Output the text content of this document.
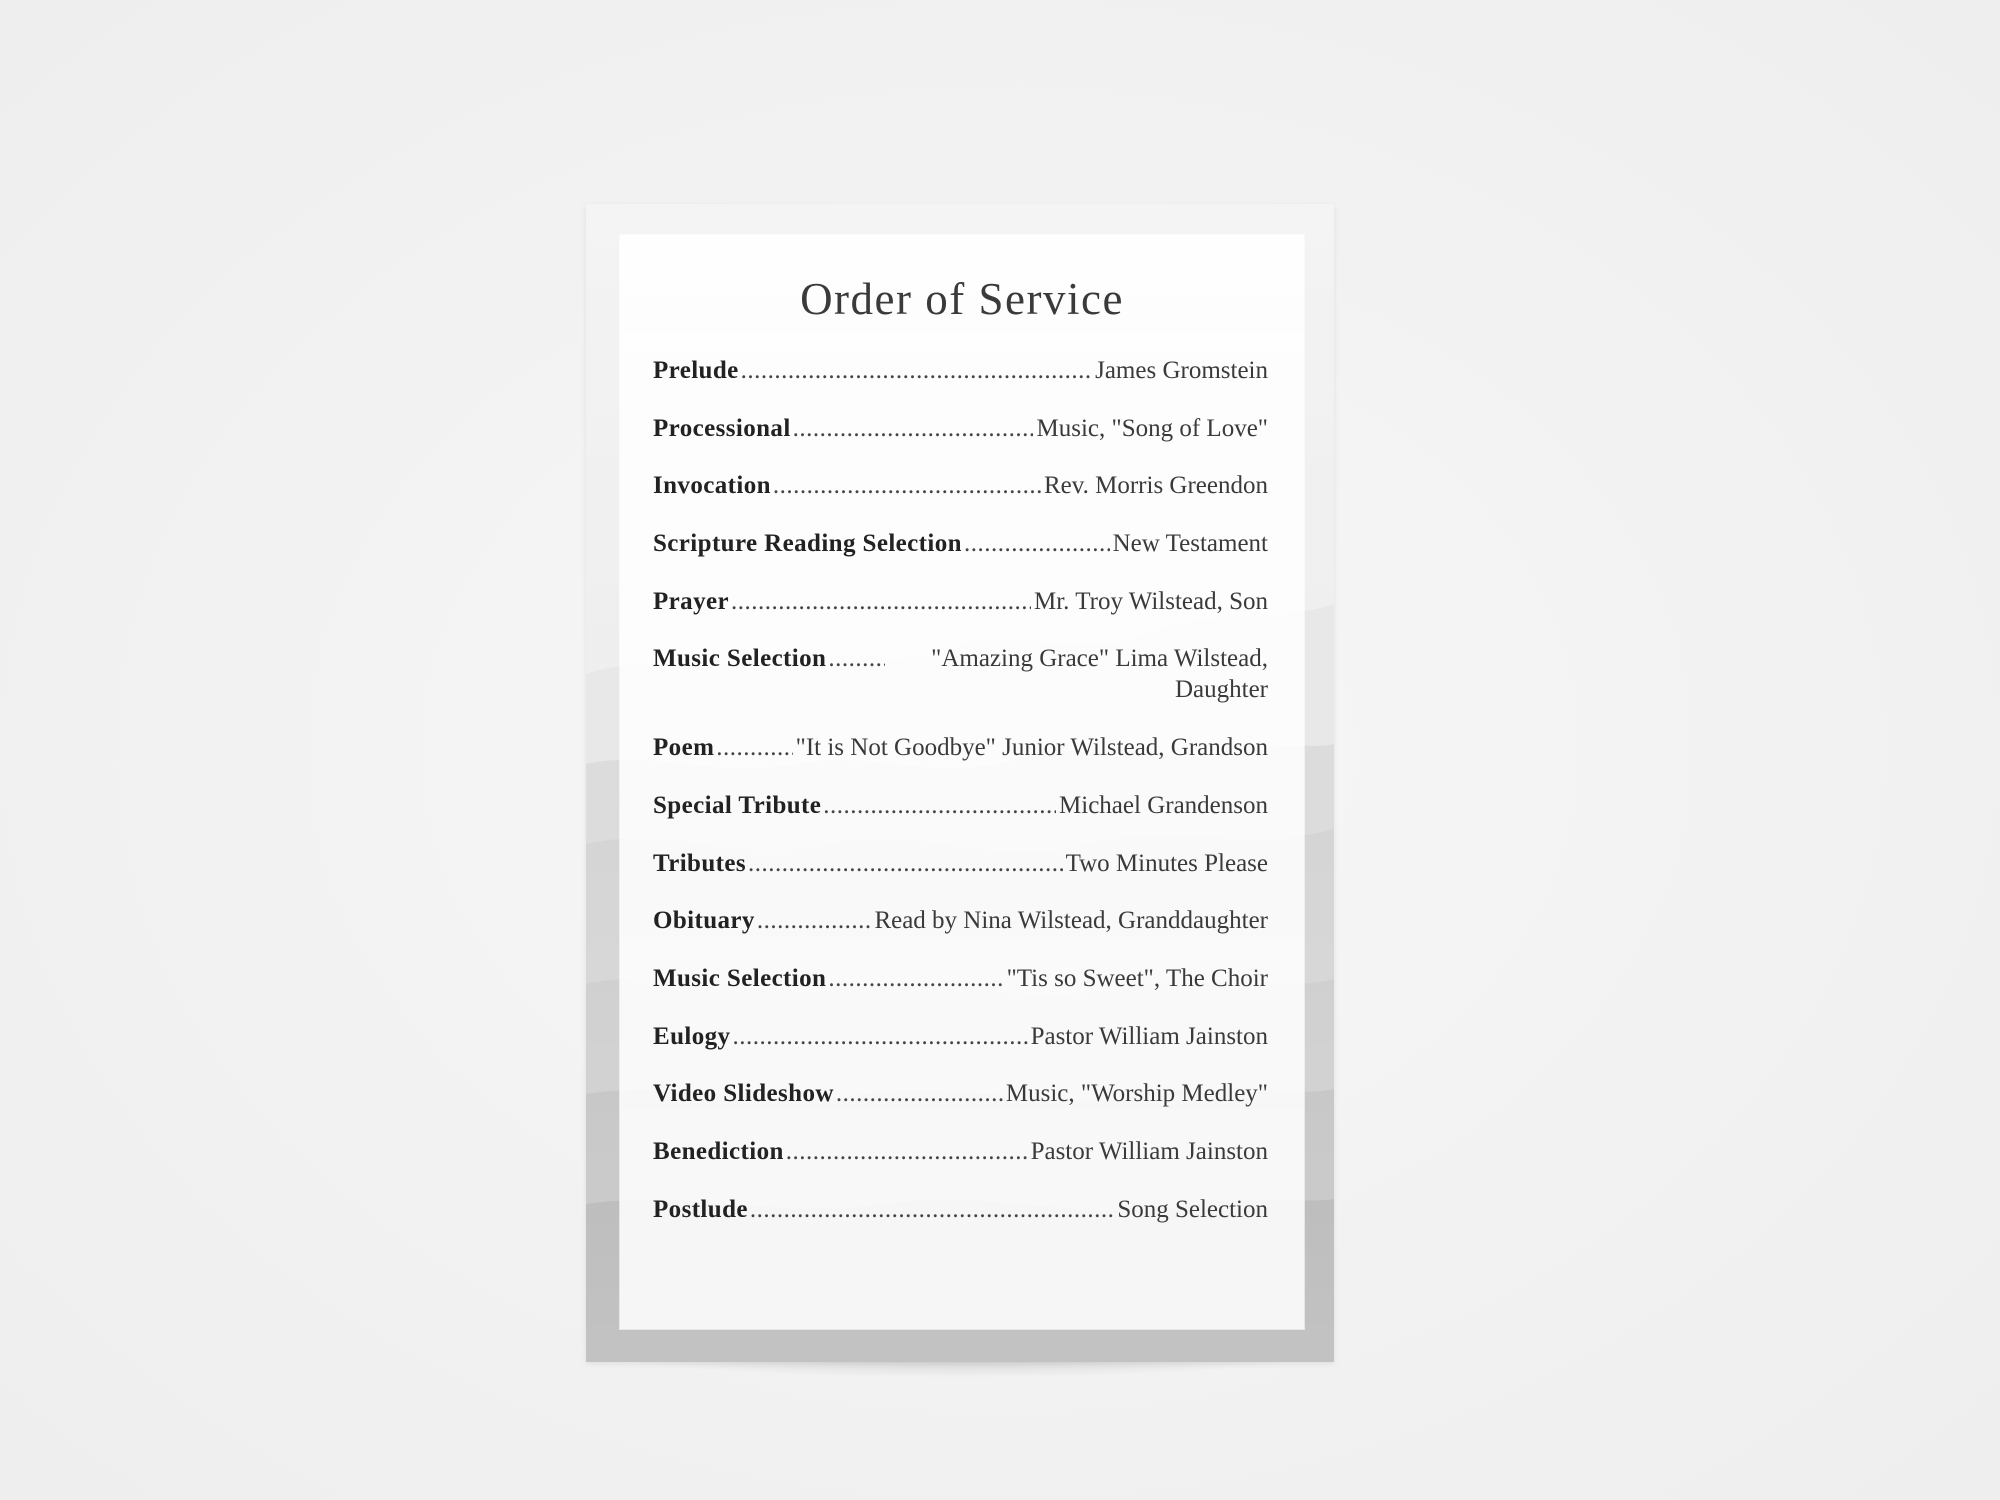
Order of Service
Prelude .....	James Gromstein
Processional .....	Music, "Song of Love"
Invocation .....	Rev. Morris Greendon
Scripture Reading Selection .....	New Testament
Prayer .....	Mr. Troy Wilstead, Son
Music Selection .....	"Amazing Grace" Lima Wilstead, Daughter
Poem .....	"It is Not Goodbye" Junior Wilstead, Grandson
Special Tribute .....	Michael Grandenson
Tributes .....	Two Minutes Please
Obituary .....	Read by Nina Wilstead, Granddaughter
Music Selection .....	"Tis so Sweet", The Choir
Eulogy .....	Pastor William Jainston
Video Slideshow .....	Music, "Worship Medley"
Benediction .....	Pastor William Jainston
Postlude .....	Song Selection
